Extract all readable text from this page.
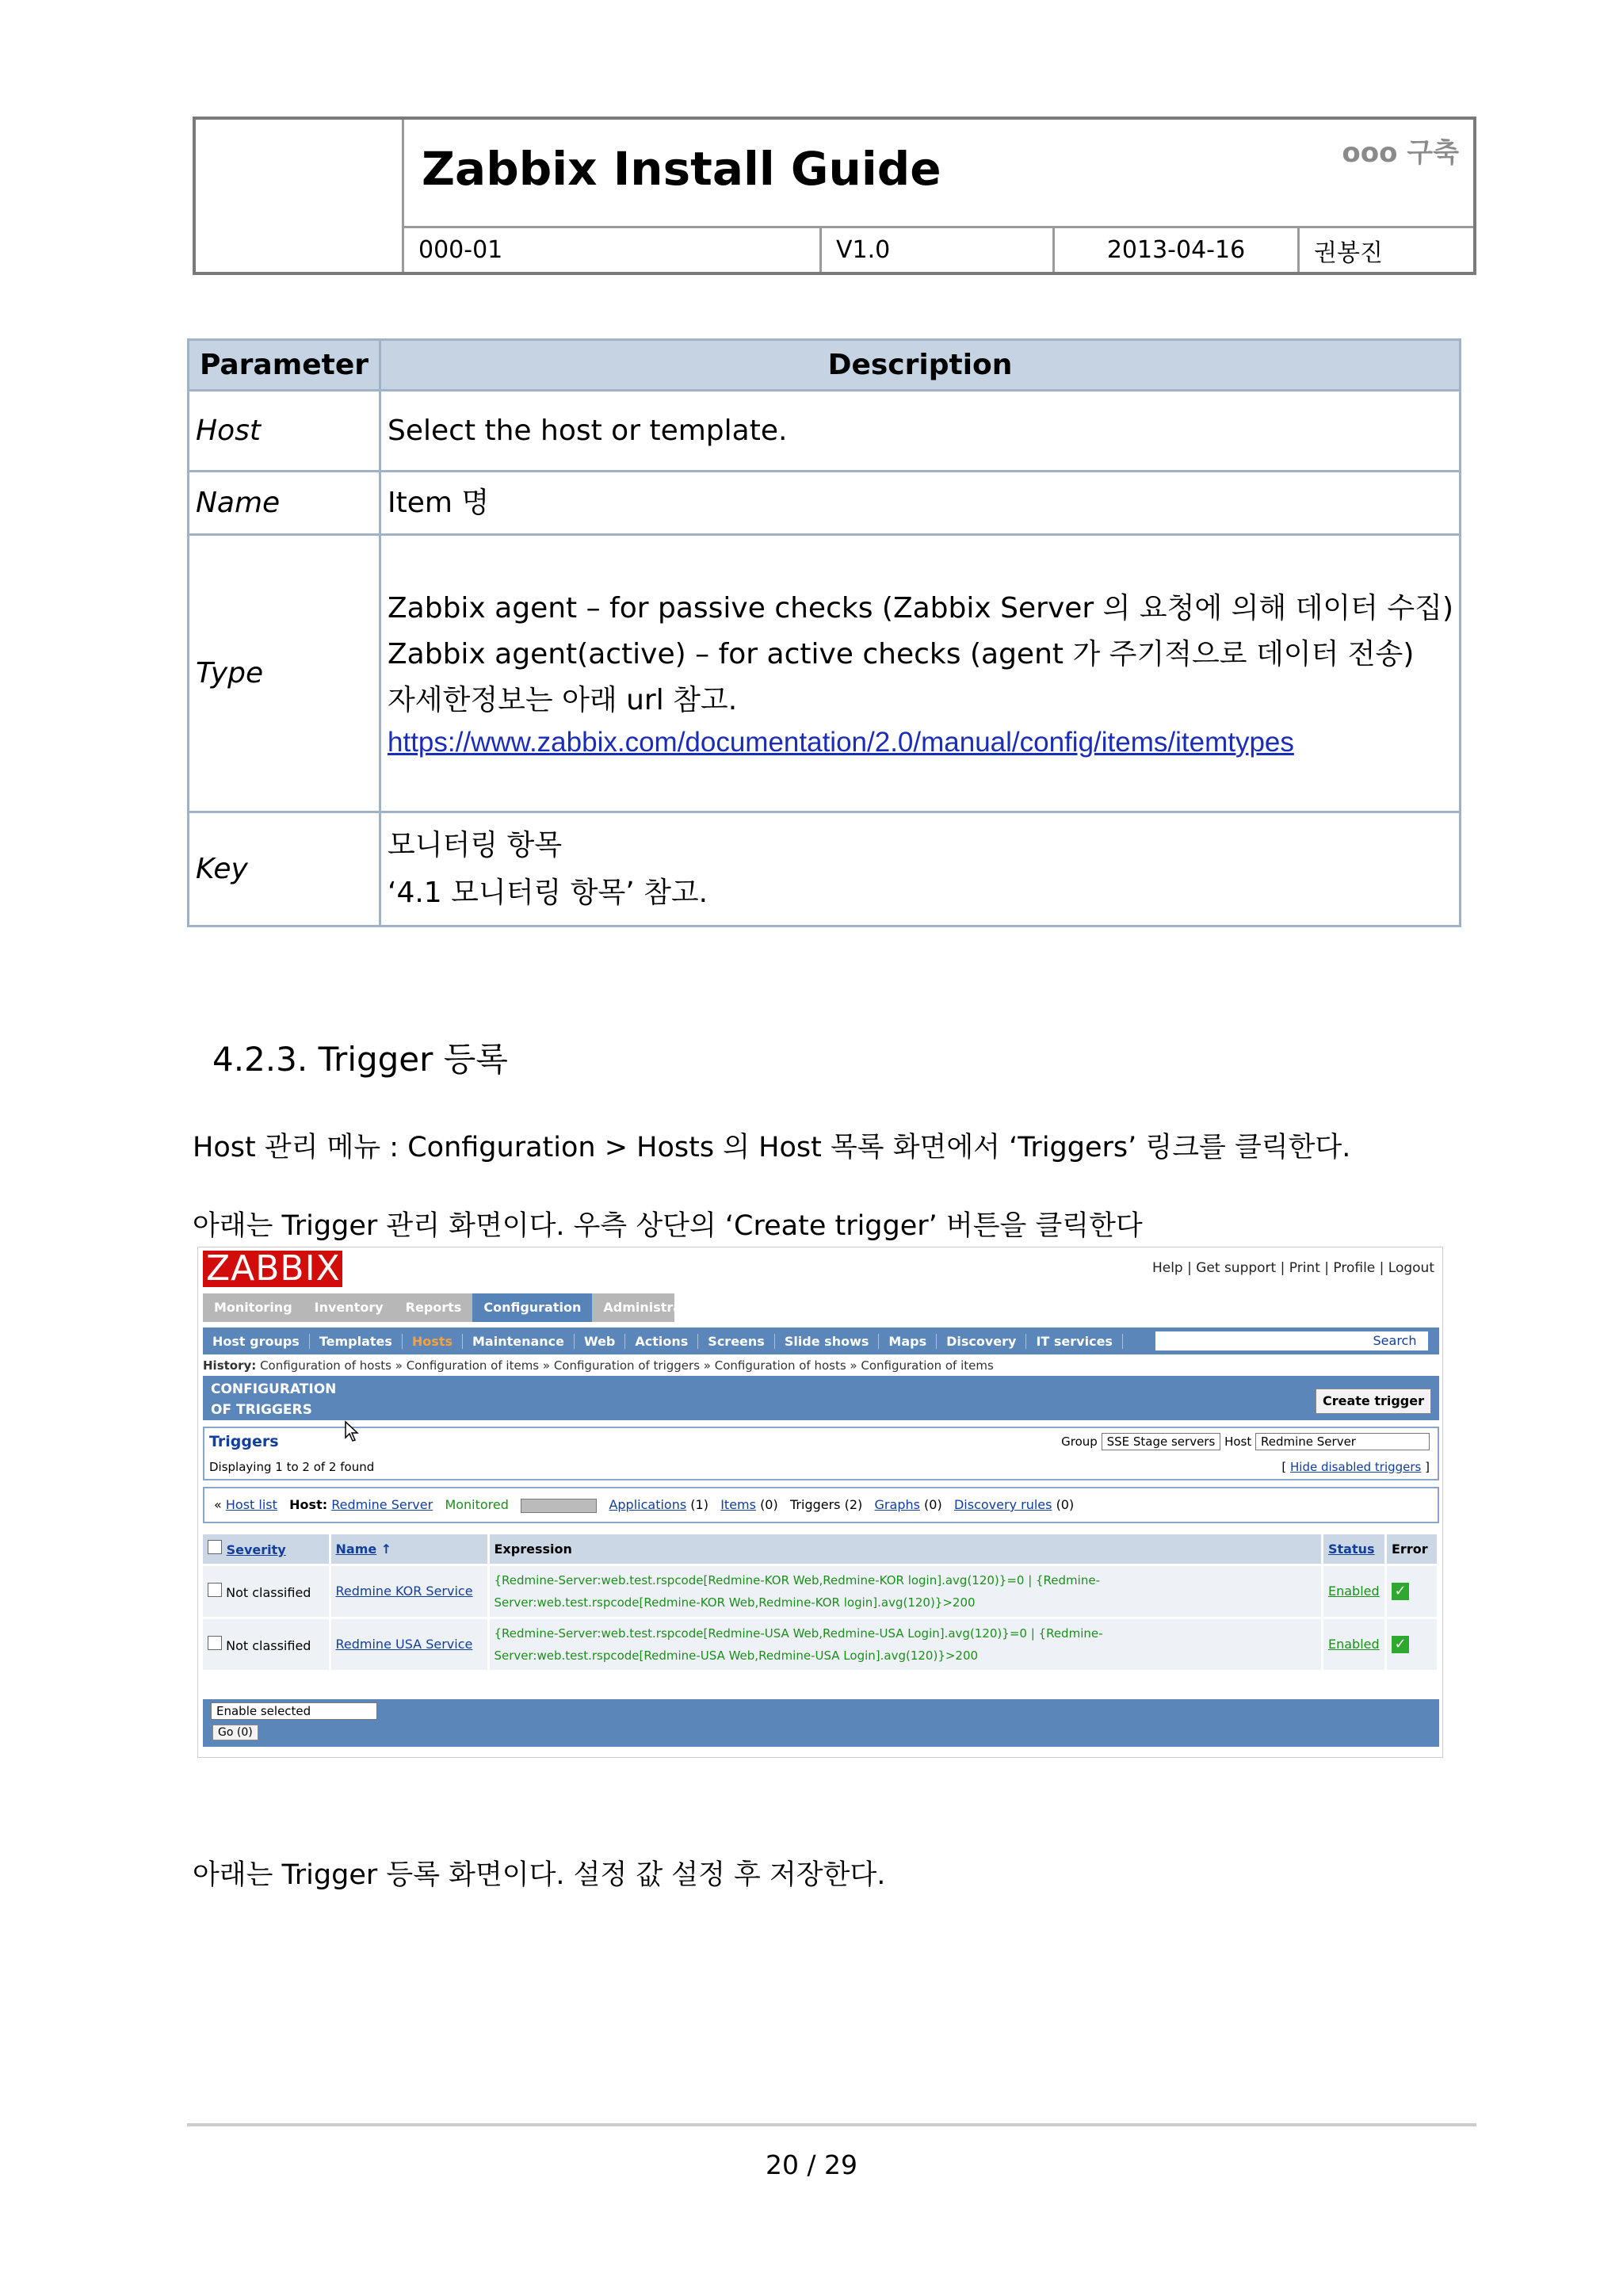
Zabbix Install Guide	ooo 구축
000-01	V1.0	2013-04-16	권봉진
Parameter	Description
Host	Select the host or template.
Name	Item 명
Type	Zabbix agent – for passive checks (Zabbix Server 의 요청에 의해 데이터 수집)
Zabbix agent(active) – for active checks (agent 가 주기적으로 데이터 전송)
자세한정보는 아래 url 참고.
https://www.zabbix.com/documentation/2.0/manual/config/items/itemtypes

Key	모니터링 항목
‘4.1 모니터링 항목’ 참고.
4.2.3. Trigger 등록
Host 관리 메뉴 : Configuration > Hosts 의 Host 목록 화면에서 ‘Triggers’ 링크를 클릭한다.
아래는 Trigger 관리 화면이다. 우측 상단의 ‘Create trigger’ 버튼을 클릭한다
ZABBIX	Help | Get support | Print | Profile | Logout
Monitoring	Inventory	Reports	Configuration	Administration
Host groups	Templates	Hosts	Maintenance	Web	Actions	Screens	Slide shows	Maps	Discovery	IT services	Search
History: Configuration of hosts » Configuration of items » Configuration of triggers » Configuration of hosts » Configuration of items
CONFIGURATION
OF TRIGGERS
Create trigger
Triggers
Displaying 1 to 2 of 2 found
Group SSE Stage servers Host Redmine Server
[ Hide disabled triggers ]
« Host list Host: Redmine Server Monitored	Applications (1) Items (0) Triggers (2) Graphs (0) Discovery rules (0)
Severity	Name ↑	Expression	Status	Error
Not classified	Redmine KOR Service	{Redmine-Server:web.test.rspcode[Redmine-KOR Web,Redmine-KOR login].avg(120)}=0 | {Redmine-
Server:web.test.rspcode[Redmine-KOR Web,Redmine-KOR login].avg(120)}>200	Enabled	✓
Not classified	Redmine USA Service	{Redmine-Server:web.test.rspcode[Redmine-USA Web,Redmine-USA Login].avg(120)}=0 | {Redmine-
Server:web.test.rspcode[Redmine-USA Web,Redmine-USA Login].avg(120)}>200	Enabled	✓
Enable selected
Go (0)
아래는 Trigger 등록 화면이다. 설정 값 설정 후 저장한다.
20 / 29
